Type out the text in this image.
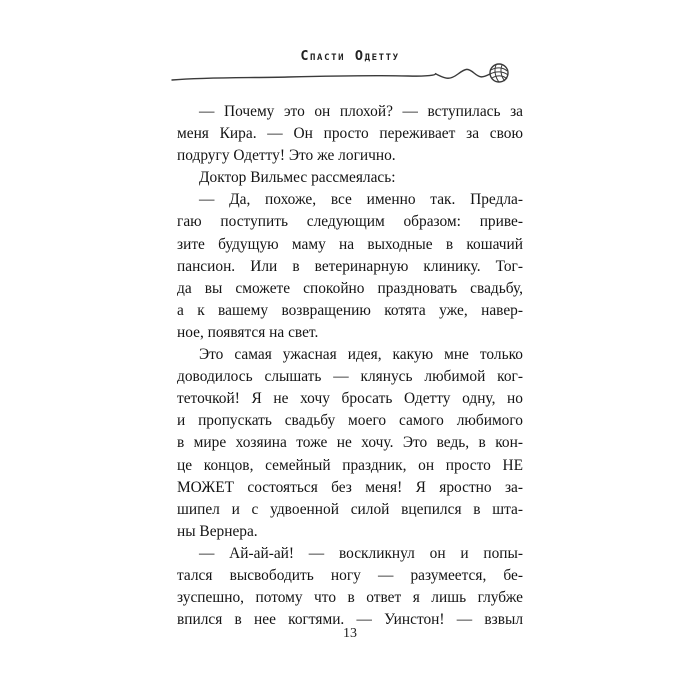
Спасти Одетту
— Почему это он плохой? — вступилась за
меня Кира. — Он просто переживает за свою
подругу Одетту! Это же логично.
Доктор Вильмес рассмеялась:
— Да, похоже, все именно так. Предла-
гаю поступить следующим образом: приве-
зите будущую маму на выходные в кошачий
пансион. Или в ветеринарную клинику. Тог-
да вы сможете спокойно праздновать свадьбу,
а к вашему возвращению котята уже, навер-
ное, появятся на свет.
Это самая ужасная идея, какую мне только
доводилось слышать — клянусь любимой ког-
теточкой! Я не хочу бросать Одетту одну, но
и пропускать свадьбу моего самого любимого
в мире хозяина тоже не хочу. Это ведь, в кон-
це концов, семейный праздник, он просто НЕ
МОЖЕТ состояться без меня! Я яростно за-
шипел и с удвоенной силой вцепился в шта-
ны Вернера.
— Ай-ай-ай! — воскликнул он и попы-
тался высвободить ногу — разумеется, бе-
зуспешно, потому что в ответ я лишь глубже
впился в нее когтями. — Уинстон! — взвыл
13
